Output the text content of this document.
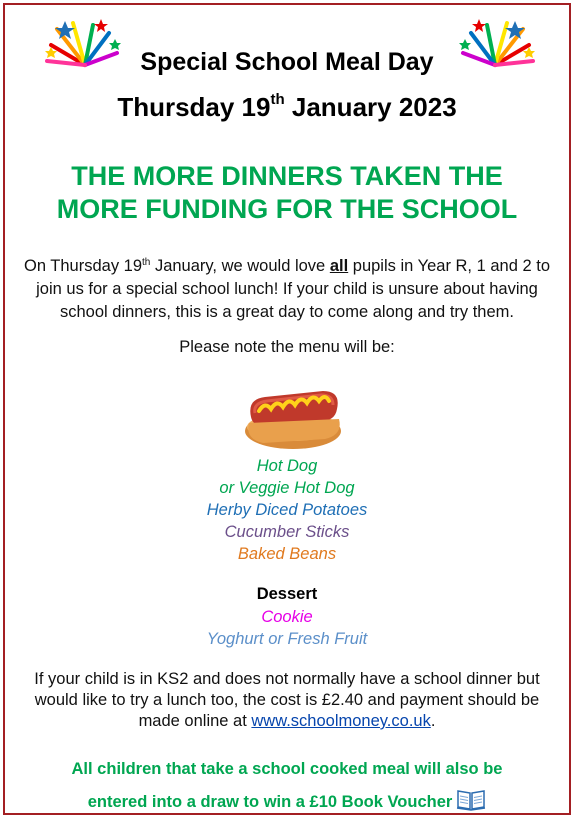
Special School Meal Day
Thursday 19th January 2023
THE MORE DINNERS TAKEN THE
MORE FUNDING FOR THE SCHOOL
On Thursday 19th January, we would love all pupils in Year R, 1 and 2 to join us for a special school lunch! If your child is unsure about having school dinners, this is a great day to come along and try them.
Please note the menu will be:
Hot Dog
or Veggie Hot Dog
Herby Diced Potatoes
Cucumber Sticks
Baked Beans
Dessert
Cookie
Yoghurt or Fresh Fruit
If your child is in KS2 and does not normally have a school dinner but would like to try a lunch too, the cost is £2.40 and payment should be made online at www.schoolmoney.co.uk.
All children that take a school cooked meal will also be
entered into a draw to win a £10 Book Voucher
